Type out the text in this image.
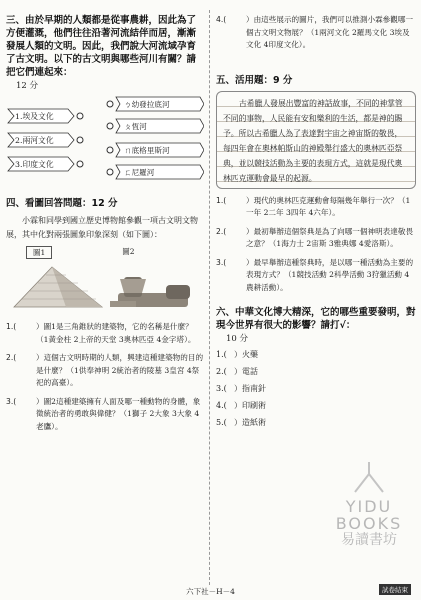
三、由於早期的人類都是從事農耕，因此為了方便灌溉，他們往往沿著河流結伴而居，漸漸發展人類的文明。因此，我們說大河流域孕育了古文明。以下的古文明與哪些河川有關？請把它們連起來：
12 分
1.埃及文化
2.兩河文化
3.印度文化
ㄅ幼發拉底河
ㄆ恆河
ㄇ底格里斯河
ㄈ尼羅河
四、看圖回答問題：12 分
小霖和同學到國立歷史博物館參觀一項古文明文物展，其中化對兩張圖象印象深刻（如下圖）：
圖1	圖2
1.(	）圖1是三角錐狀的建築物，它的名稱是什麼？（1黃金柱 2上帝的天堂 3奧林匹亞 4金字塔）。
2.(	）這個古文明時期的人類，興建這種建築物的目的是什麼？（1供奉神明 2統治者的陵墓 3皇宮 4祭祀的高臺）。
3.(	）圖2這種建築擁有人面及哪一種動物的身體，象徵統治者的勇敢與偉健？（1獅子 2大象 3大象 4老鷹）。
4.(	）由這些展示的圖片，我們可以推測小霖參觀哪一個古文明文物展？（1兩河文化 2羅馬文化 3埃及文化 4印度文化）。
五、活用題：9 分
古希臘人發展出豐富的神話故事，不同的神掌管不同的事物，人民能有安和樂利的生活，都是神的賜予。所以古希臘人為了表達對宇宙之神宙斯的敬畏，每四年會在奧林帕斯山的神殿舉行盛大的奧林匹亞祭典，並以競技活動為主要的表現方式，這就是現代奧林匹克運動會最早的起源。
1.(	）現代的奧林匹克運動會每隔幾年舉行一次？（1一年 2二年 3四年 4六年）。
2.(	）最初舉辦這個祭典是為了向哪一個神明表達敬畏之意？（1海力士 2宙斯 3雅典娜 4愛洛斯）。
3.(	）最早舉辦這種祭典時，是以哪一種活動為主要的表現方式？（1競技活動 2科學活動 3狩獵活動 4農耕活動）。
六、中華文化博大精深，它的哪些重要發明，對現今世界有很大的影響？請打√：
10 分
1.( ）火藥
2.( ）電話
3.( ）指南針
4.( ）印刷術
5.( ）造紙術
YIDU
BOOKS
易讀書坊
六下社－H－4	試卷結束
